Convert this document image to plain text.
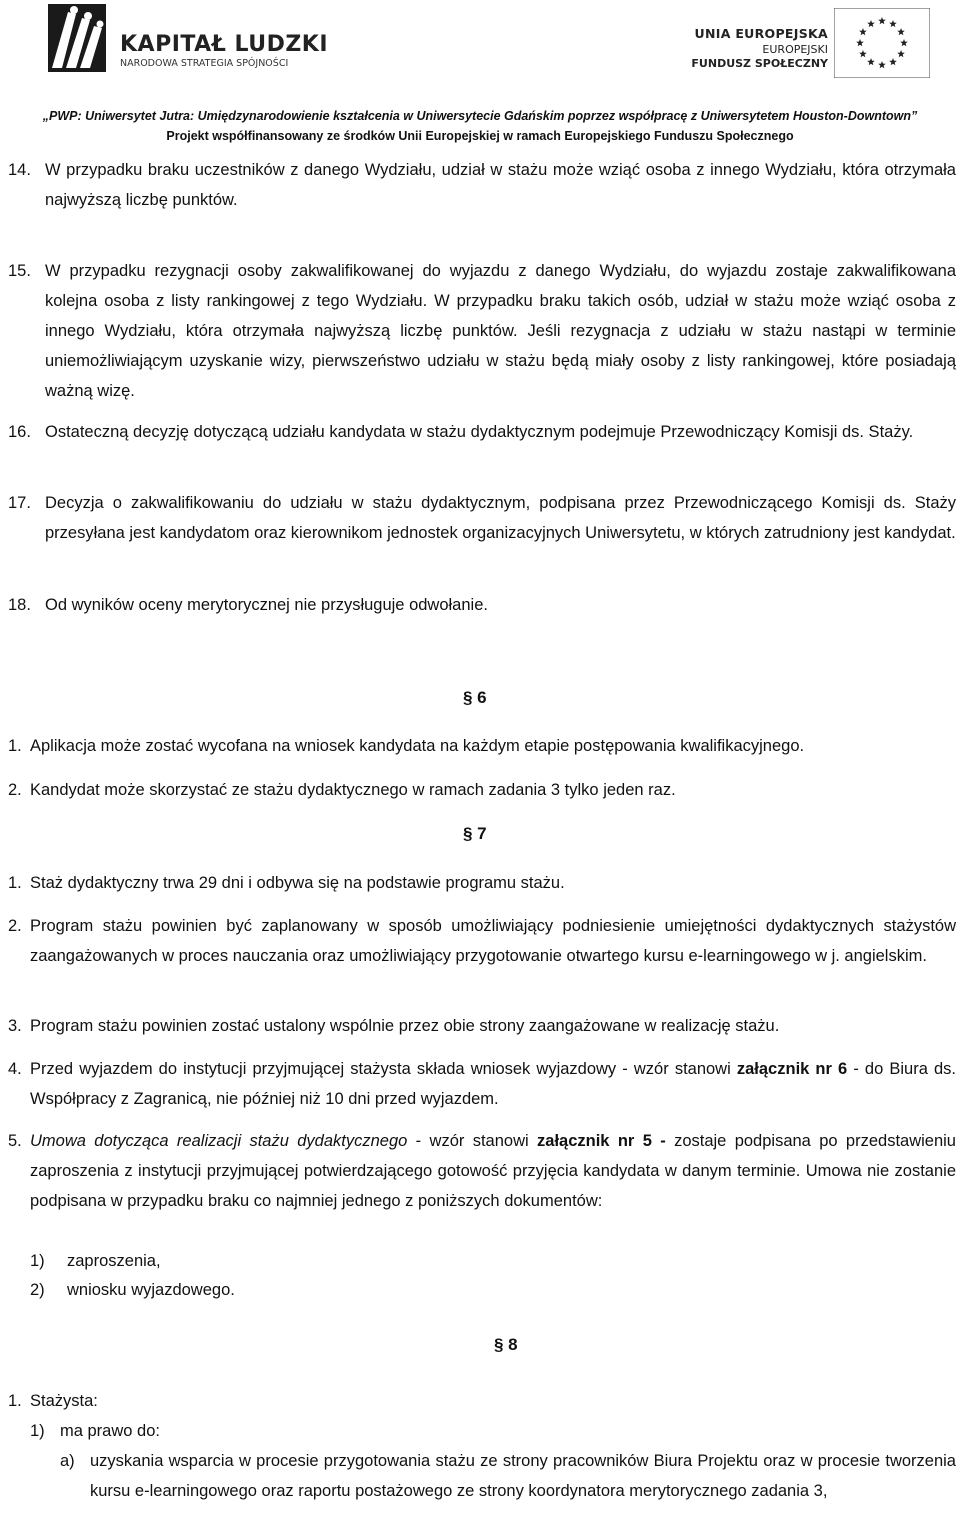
KAPITAŁ LUDZKI
NARODOWA STRATEGIA SPÓJNOŚCI
UNIA EUROPEJSKA
EUROPEJSKI
FUNDUSZ SPOŁECZNY
„PWP: Uniwersytet Jutra: Umiędzynarodowienie kształcenia w Uniwersytecie Gdańskim poprzez współpracę z Uniwersytetem Houston-Downtown”
Projekt współfinansowany ze środków Unii Europejskiej w ramach Europejskiego Funduszu Społecznego
14. W przypadku braku uczestników z danego Wydziału, udział w stażu może wziąć osoba z innego Wydziału, która otrzymała najwyższą liczbę punktów.
15. W przypadku rezygnacji osoby zakwalifikowanej do wyjazdu z danego Wydziału, do wyjazdu zostaje zakwalifikowana kolejna osoba z listy rankingowej z tego Wydziału. W przypadku braku takich osób, udział w stażu może wziąć osoba z innego Wydziału, która otrzymała najwyższą liczbę punktów. Jeśli rezygnacja z udziału w stażu nastąpi w terminie uniemożliwiającym uzyskanie wizy, pierwszeństwo udziału w stażu będą miały osoby z listy rankingowej, które posiadają ważną wizę.
16. Ostateczną decyzję dotyczącą udziału kandydata w stażu dydaktycznym podejmuje Przewodniczący Komisji ds. Staży.
17. Decyzja o zakwalifikowaniu do udziału w stażu dydaktycznym, podpisana przez Przewodniczącego Komisji ds. Staży przesyłana jest kandydatom oraz kierownikom jednostek organizacyjnych Uniwersytetu, w których zatrudniony jest kandydat.
18. Od wyników oceny merytorycznej nie przysługuje odwołanie.
§ 6
1. Aplikacja może zostać wycofana na wniosek kandydata na każdym etapie postępowania kwalifikacyjnego.
2. Kandydat może skorzystać ze stażu dydaktycznego w ramach zadania 3 tylko jeden raz.
§ 7
1. Staż dydaktyczny trwa 29 dni i odbywa się na podstawie programu stażu.
2. Program stażu powinien być zaplanowany w sposób umożliwiający podniesienie umiejętności dydaktycznych stażystów zaangażowanych w proces nauczania oraz umożliwiający przygotowanie otwartego kursu e-learningowego w j. angielskim.
3. Program stażu powinien zostać ustalony wspólnie przez obie strony zaangażowane w realizację stażu.
4. Przed wyjazdem do instytucji przyjmującej stażysta składa wniosek wyjazdowy - wzór stanowi załącznik nr 6 - do Biura ds. Współpracy z Zagranicą, nie później niż 10 dni przed wyjazdem.
5. Umowa dotycząca realizacji stażu dydaktycznego - wzór stanowi załącznik nr 5 - zostaje podpisana po przedstawieniu zaproszenia z instytucji przyjmującej potwierdzającego gotowość przyjęcia kandydata w danym terminie. Umowa nie zostanie podpisana w przypadku braku co najmniej jednego z poniższych dokumentów:
1) zaproszenia,
2) wniosku wyjazdowego.
§ 8
1. Stażysta:
1) ma prawo do:
a) uzyskania wsparcia w procesie przygotowania stażu ze strony pracowników Biura Projektu oraz w procesie tworzenia kursu e-learningowego oraz raportu postażowego ze strony koordynatora merytorycznego zadania 3,
